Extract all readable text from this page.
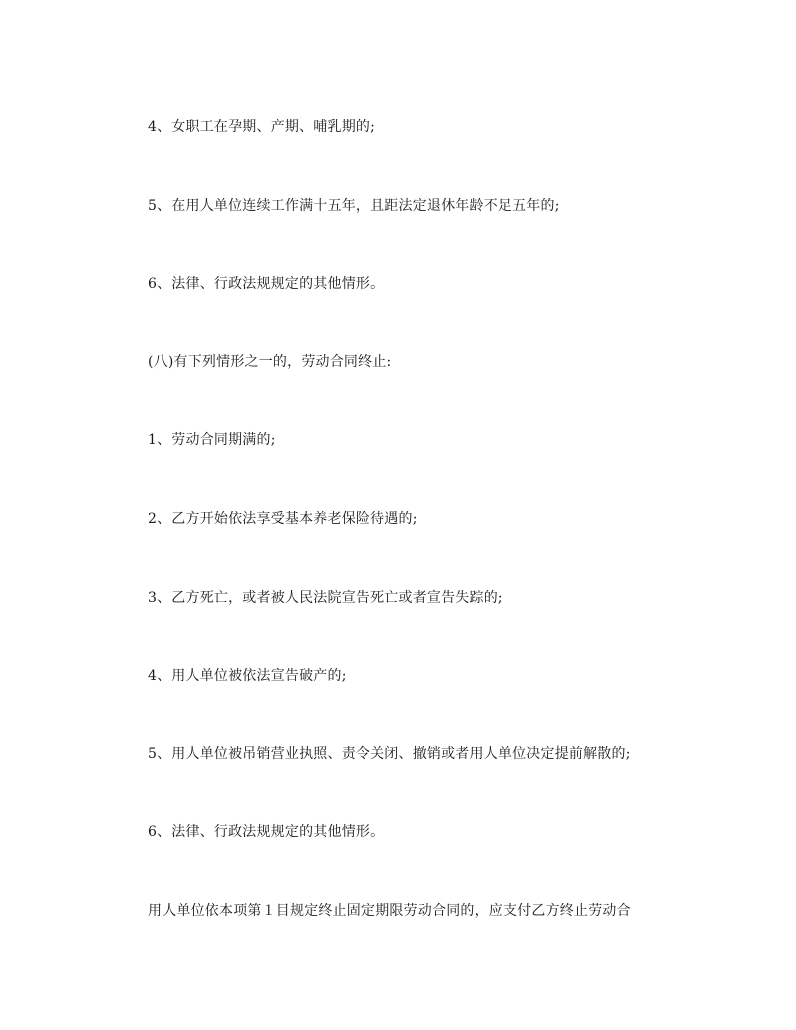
4、女职工在孕期、产期、哺乳期的;
5、在用人单位连续工作满十五年，且距法定退休年龄不足五年的;
6、法律、行政法规规定的其他情形。
(八)有下列情形之一的，劳动合同终止:
1、劳动合同期满的;
2、乙方开始依法享受基本养老保险待遇的;
3、乙方死亡，或者被人民法院宣告死亡或者宣告失踪的;
4、用人单位被依法宣告破产的;
5、用人单位被吊销营业执照、责令关闭、撤销或者用人单位决定提前解散的;
6、法律、行政法规规定的其他情形。
用人单位依本项第１目规定终止固定期限劳动合同的，应支付乙方终止劳动合
